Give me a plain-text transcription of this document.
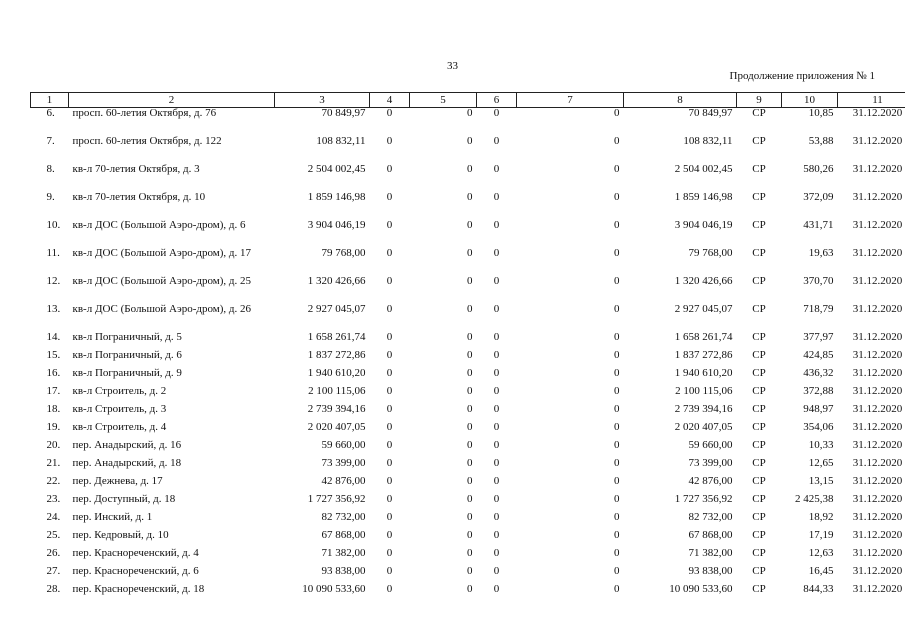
33
Продолжение приложения № 1
1	2	3	4	5	6	7	8	9	10	11
6.	просп. 60-летия Октября, д. 76	70 849,97	0	0	0	0	70 849,97	СР	10,85	31.12.2020
7.	просп. 60-летия Октября, д. 122	108 832,11	0	0	0	0	108 832,11	СР	53,88	31.12.2020
8.	кв-л 70-летия Октября, д. 3	2 504 002,45	0	0	0	0	2 504 002,45	СР	580,26	31.12.2020
9.	кв-л 70-летия Октября, д. 10	1 859 146,98	0	0	0	0	1 859 146,98	СР	372,09	31.12.2020
10.	кв-л ДОС (Большой Аэро-дром), д. 6	3 904 046,19	0	0	0	0	3 904 046,19	СР	431,71	31.12.2020
11.	кв-л ДОС (Большой Аэро-дром), д. 17	79 768,00	0	0	0	0	79 768,00	СР	19,63	31.12.2020
12.	кв-л ДОС (Большой Аэро-дром), д. 25	1 320 426,66	0	0	0	0	1 320 426,66	СР	370,70	31.12.2020
13.	кв-л ДОС (Большой Аэро-дром), д. 26	2 927 045,07	0	0	0	0	2 927 045,07	СР	718,79	31.12.2020
14.	кв-л Пограничный, д. 5	1 658 261,74	0	0	0	0	1 658 261,74	СР	377,97	31.12.2020
15.	кв-л Пограничный, д. 6	1 837 272,86	0	0	0	0	1 837 272,86	СР	424,85	31.12.2020
16.	кв-л Пограничный, д. 9	1 940 610,20	0	0	0	0	1 940 610,20	СР	436,32	31.12.2020
17.	кв-л Строитель, д. 2	2 100 115,06	0	0	0	0	2 100 115,06	СР	372,88	31.12.2020
18.	кв-л Строитель, д. 3	2 739 394,16	0	0	0	0	2 739 394,16	СР	948,97	31.12.2020
19.	кв-л Строитель, д. 4	2 020 407,05	0	0	0	0	2 020 407,05	СР	354,06	31.12.2020
20.	пер. Анадырский, д. 16	59 660,00	0	0	0	0	59 660,00	СР	10,33	31.12.2020
21.	пер. Анадырский, д. 18	73 399,00	0	0	0	0	73 399,00	СР	12,65	31.12.2020
22.	пер. Дежнева, д. 17	42 876,00	0	0	0	0	42 876,00	СР	13,15	31.12.2020
23.	пер. Доступный, д. 18	1 727 356,92	0	0	0	0	1 727 356,92	СР	2 425,38	31.12.2020
24.	пер. Инский, д. 1	82 732,00	0	0	0	0	82 732,00	СР	18,92	31.12.2020
25.	пер. Кедровый, д. 10	67 868,00	0	0	0	0	67 868,00	СР	17,19	31.12.2020
26.	пер. Краснореченский, д. 4	71 382,00	0	0	0	0	71 382,00	СР	12,63	31.12.2020
27.	пер. Краснореченский, д. 6	93 838,00	0	0	0	0	93 838,00	СР	16,45	31.12.2020
28.	пер. Краснореченский, д. 18	10 090 533,60	0	0	0	0	10 090 533,60	СР	844,33	31.12.2020
